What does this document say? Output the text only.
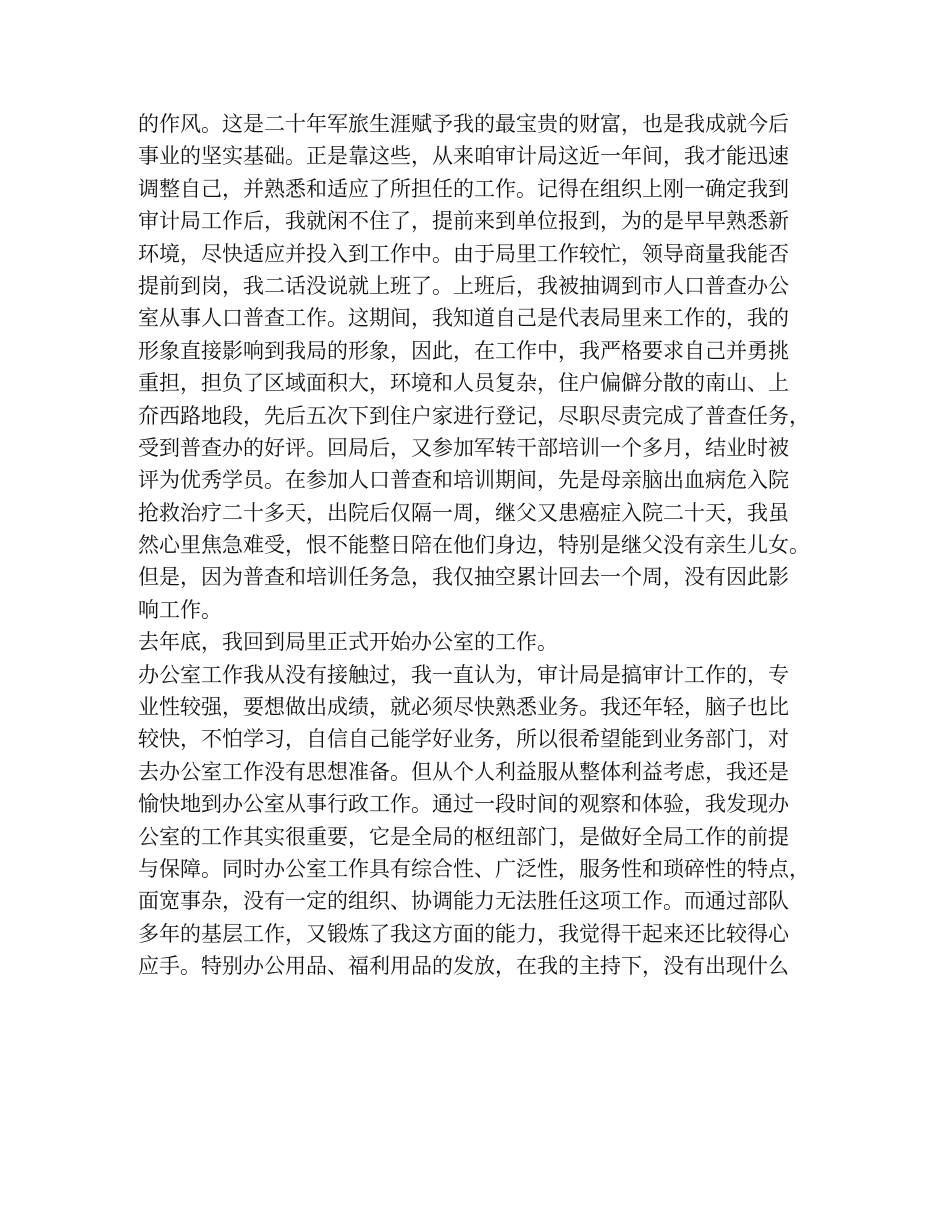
的作风。这是二十年军旅生涯赋予我的最宝贵的财富，也是我成就今后
事业的坚实基础。正是靠这些，从来咱审计局这近一年间，我才能迅速
调整自己，并熟悉和适应了所担任的工作。记得在组织上刚一确定我到
审计局工作后，我就闲不住了，提前来到单位报到，为的是早早熟悉新
环境，尽快适应并投入到工作中。由于局里工作较忙，领导商量我能否
提前到岗，我二话没说就上班了。上班后，我被抽调到市人口普查办公
室从事人口普查工作。这期间，我知道自己是代表局里来工作的，我的
形象直接影响到我局的形象，因此，在工作中，我严格要求自己并勇挑
重担，担负了区域面积大，环境和人员复杂，住户偏僻分散的南山、上
夼西路地段，先后五次下到住户家进行登记，尽职尽责完成了普查任务，
受到普查办的好评。回局后，又参加军转干部培训一个多月，结业时被
评为优秀学员。在参加人口普查和培训期间，先是母亲脑出血病危入院
抢救治疗二十多天，出院后仅隔一周，继父又患癌症入院二十天，我虽
然心里焦急难受，恨不能整日陪在他们身边，特别是继父没有亲生儿女。
但是，因为普查和培训任务急，我仅抽空累计回去一个周，没有因此影
响工作。
去年底，我回到局里正式开始办公室的工作。
办公室工作我从没有接触过，我一直认为，审计局是搞审计工作的，专
业性较强，要想做出成绩，就必须尽快熟悉业务。我还年轻，脑子也比
较快，不怕学习，自信自己能学好业务，所以很希望能到业务部门，对
去办公室工作没有思想准备。但从个人利益服从整体利益考虑，我还是
愉快地到办公室从事行政工作。通过一段时间的观察和体验，我发现办
公室的工作其实很重要，它是全局的枢纽部门，是做好全局工作的前提
与保障。同时办公室工作具有综合性、广泛性，服务性和琐碎性的特点，
面宽事杂，没有一定的组织、协调能力无法胜任这项工作。而通过部队
多年的基层工作，又锻炼了我这方面的能力，我觉得干起来还比较得心
应手。特别办公用品、福利用品的发放，在我的主持下，没有出现什么
